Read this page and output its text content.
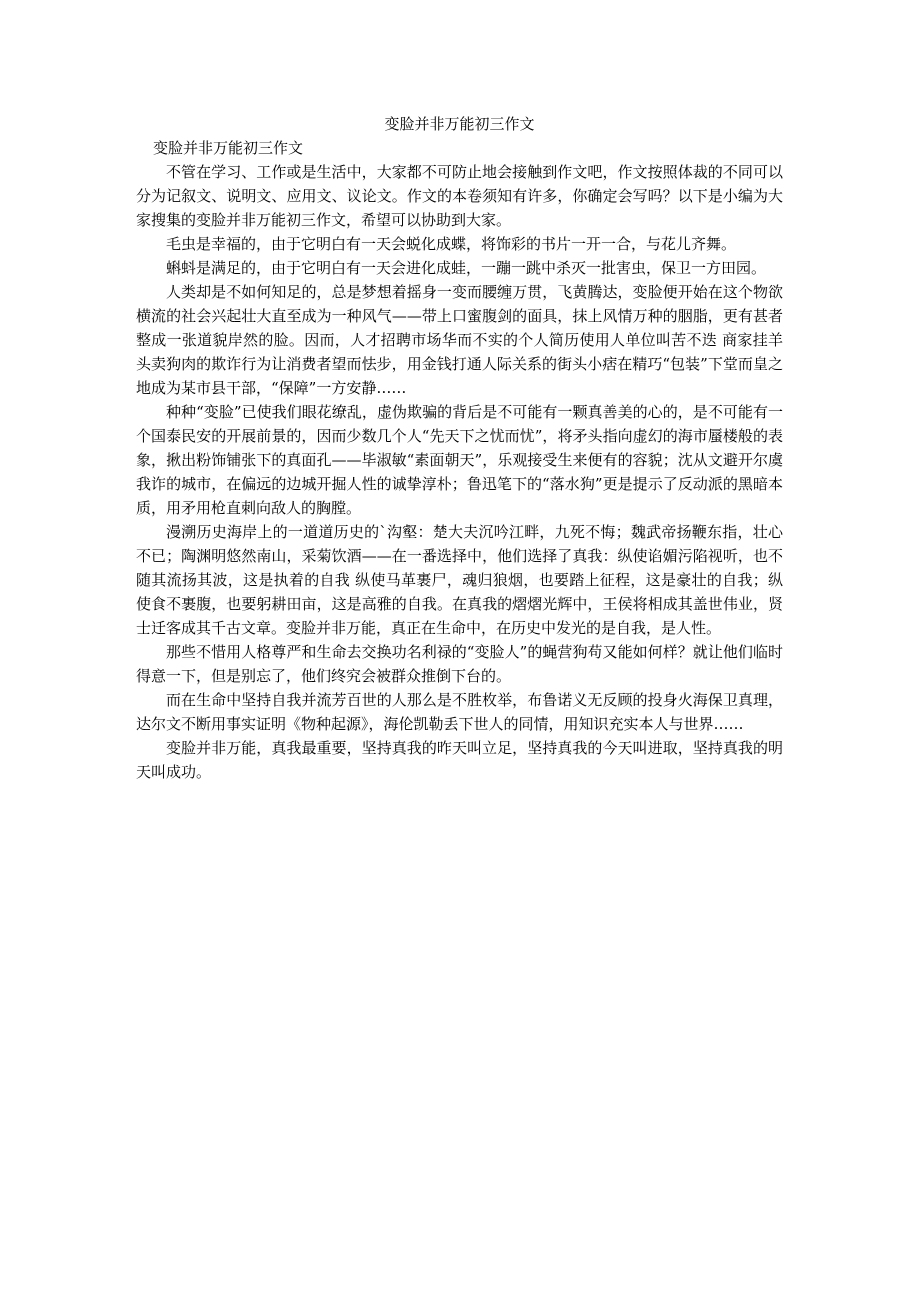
变脸并非万能初三作文
变脸并非万能初三作文

不管在学习、工作或是生活中，大家都不可防止地会接触到作文吧，作文按照体裁的不同可以分为记叙文、说明文、应用文、议论文。作文的本卷须知有许多，你确定会写吗？以下是小编为大家搜集的变脸并非万能初三作文，希望可以协助到大家。

毛虫是幸福的，由于它明白有一天会蜕化成蝶，将饰彩的书片一开一合，与花儿齐舞。

蝌蚪是满足的，由于它明白有一天会进化成蛙，一蹦一跳中杀灭一批害虫，保卫一方田园。

人类却是不如何知足的，总是梦想着摇身一变而腰缠万贯，飞黄腾达，变脸便开始在这个物欲横流的社会兴起壮大直至成为一种风气——带上口蜜腹剑的面具，抹上风情万种的胭脂，更有甚者整成一张道貌岸然的脸。因而，人才招聘市场华而不实的个人简历使用人单位叫苦不迭 商家挂羊头卖狗肉的欺诈行为让消费者望而怯步，用金钱打通人际关系的街头小痞在精巧“包装”下堂而皇之地成为某市县干部，“保障”一方安静……

种种“变脸”已使我们眼花缭乱，虚伪欺骗的背后是不可能有一颗真善美的心的，是不可能有一个国泰民安的开展前景的，因而少数几个人“先天下之忧而忧”，将矛头指向虚幻的海市蜃楼般的表象，揪出粉饰铺张下的真面孔——毕淑敏“素面朝天”，乐观接受生来便有的容貌；沈从文避开尔虞我诈的城市，在偏远的边城开掘人性的诚挚淳朴；鲁迅笔下的“落水狗”更是提示了反动派的黑暗本质，用矛用枪直刺向敌人的胸膛。

漫溯历史海岸上的一道道历史的`沟壑：楚大夫沉吟江畔，九死不悔；魏武帝扬鞭东指，壮心不已；陶渊明悠然南山，采菊饮酒——在一番选择中，他们选择了真我：纵使谄媚污陷视听，也不随其流扬其波，这是执着的自我 纵使马革裹尸，魂归狼烟，也要踏上征程，这是豪壮的自我；纵使食不裹腹，也要躬耕田亩，这是高雅的自我。在真我的熠熠光辉中，王侯将相成其盖世伟业，贤士迁客成其千古文章。变脸并非万能，真正在生命中，在历史中发光的是自我，是人性。

那些不惜用人格尊严和生命去交换功名利禄的“变脸人”的蝇营狗苟又能如何样？就让他们临时得意一下，但是别忘了，他们终究会被群众推倒下台的。

而在生命中坚持自我并流芳百世的人那么是不胜枚举，布鲁诺义无反顾的投身火海保卫真理，达尔文不断用事实证明《物种起源》，海伦凯勒丢下世人的同情，用知识充实本人与世界……

变脸并非万能，真我最重要，坚持真我的昨天叫立足，坚持真我的今天叫进取，坚持真我的明天叫成功。
